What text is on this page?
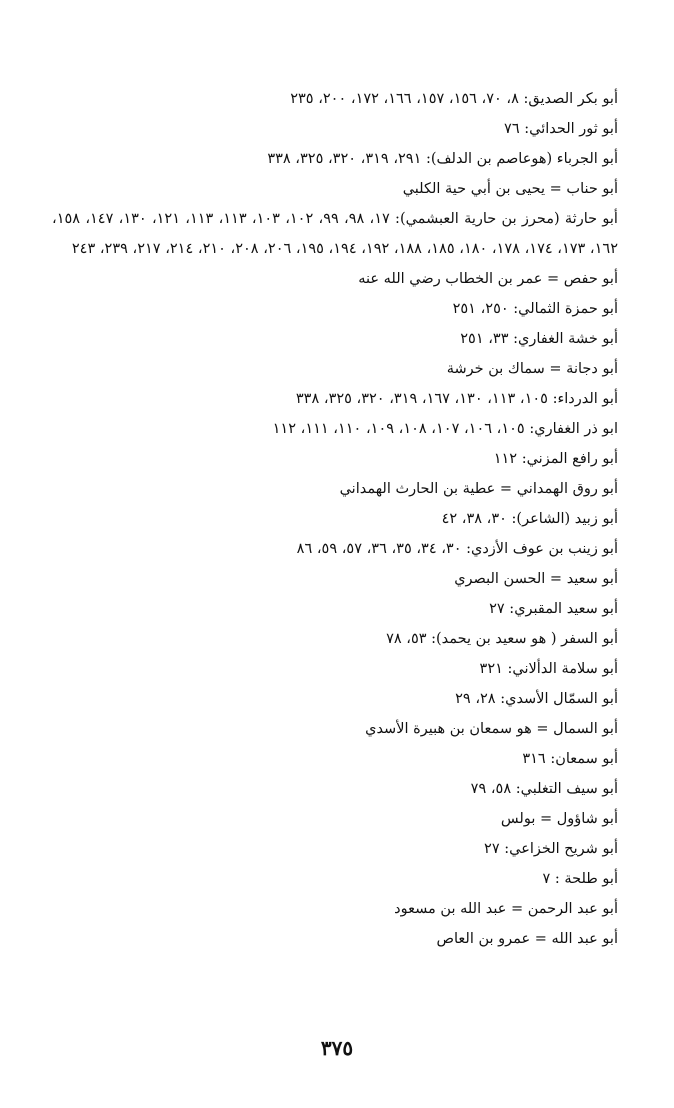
أبو بكر الصديق: ٨، ٧٠، ١٥٦، ١٥٧، ١٦٦، ١٧٢، ٢٠٠، ٢٣٥
أبو ثور الحدائي: ٧٦
أبو الجرباء (هوعاصم بن الدلف): ٢٩١، ٣١٩، ٣٢٠، ٣٢٥، ٣٣٨
أبو حناب = يحيى بن أبي حية الكلبي
أبو حارثة (محرز بن حارية العبشمي): ١٧، ٩٨، ٩٩، ١٠٢، ١٠٣، ١١٣، ١١٣، ١٢١، ١٣٠، ١٤٧، ١٥٨، ١٦٢، ١٧٣، ١٧٤، ١٧٨، ١٨٠، ١٨٥، ١٨٨، ١٩٢، ١٩٤، ١٩٥، ٢٠٦، ٢٠٨، ٢١٠، ٢١٤، ٢١٧، ٢٣٩، ٢٤٣
أبو حفص = عمر بن الخطاب رضي الله عنه
أبو حمزة الثمالي: ٢٥٠، ٢٥١
أبو خشة الغفاري: ٣٣، ٢٥١
أبو دجانة = سماك بن خرشة
أبو الدرداء: ١٠٥، ١١٣، ١٣٠، ١٦٧، ٣١٩، ٣٢٠، ٣٢٥، ٣٣٨
ابو ذر الغفاري: ١٠٥، ١٠٦، ١٠٧، ١٠٨، ١٠٩، ١١٠، ١١١، ١١٢
أبو رافع المزني: ١١٢
أبو روق الهمداني = عطية بن الحارث الهمداني
أبو زبيد (الشاعر): ٣٠، ٣٨، ٤٢
أبو زينب بن عوف الأزدي: ٣٠، ٣٤، ٣٥، ٣٦، ٥٧، ٥٩، ٨٦
أبو سعيد = الحسن البصري
أبو سعيد المقبري: ٢٧
أبو السفر ( هو سعيد بن يحمد): ٥٣، ٧٨
أبو سلامة الدألاني: ٣٢١
أبو السمّال الأسدي: ٢٨، ٢٩
أبو السمال = هو سمعان بن هبيرة الأسدي
أبو سمعان: ٣١٦
أبو سيف التغلبي: ٥٨، ٧٩
أبو شاؤول = بولس
أبو شريح الخزاعي: ٢٧
أبو طلحة : ٧
أبو عبد الرحمن = عبد الله بن مسعود
أبو عبد الله = عمرو بن العاص
٣٧٥
